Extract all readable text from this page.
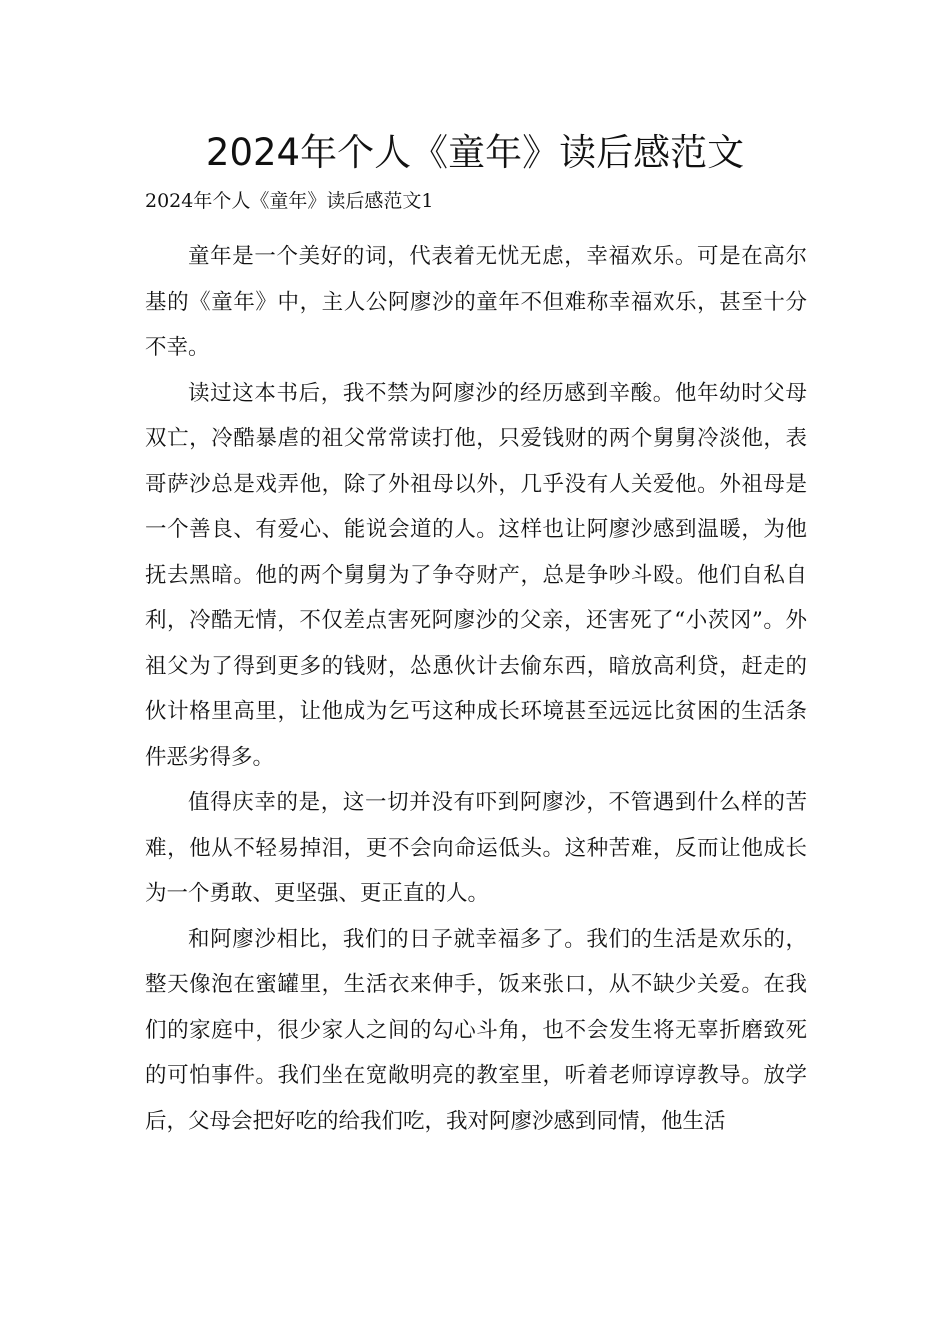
2024年个人《童年》读后感范文
2024年个人《童年》读后感范文1

童年是一个美好的词，代表着无忧无虑，幸福欢乐。可是在高尔基的《童年》中，主人公阿廖沙的童年不但难称幸福欢乐，甚至十分不幸。

读过这本书后，我不禁为阿廖沙的经历感到辛酸。他年幼时父母双亡，冷酷暴虐的祖父常常读打他，只爱钱财的两个舅舅冷淡他，表哥萨沙总是戏弄他，除了外祖母以外，几乎没有人关爱他。外祖母是一个善良、有爱心、能说会道的人。这样也让阿廖沙感到温暖，为他抚去黑暗。他的两个舅舅为了争夺财产，总是争吵斗殴。他们自私自利，冷酷无情，不仅差点害死阿廖沙的父亲，还害死了“小茨冈”。外祖父为了得到更多的钱财，怂恿伙计去偷东西，暗放高利贷，赶走的伙计格里高里，让他成为乞丐这种成长环境甚至远远比贫困的生活条件恶劣得多。

值得庆幸的是，这一切并没有吓到阿廖沙，不管遇到什么样的苦难，他从不轻易掉泪，更不会向命运低头。这种苦难，反而让他成长为一个勇敢、更坚强、更正直的人。

和阿廖沙相比，我们的日子就幸福多了。我们的生活是欢乐的，整天像泡在蜜罐里，生活衣来伸手，饭来张口，从不缺少关爱。在我们的家庭中，很少家人之间的勾心斗角，也不会发生将无辜折磨致死的可怕事件。我们坐在宽敞明亮的教室里，听着老师谆谆教导。放学后，父母会把好吃的给我们吃，我对阿廖沙感到同情，他生活
